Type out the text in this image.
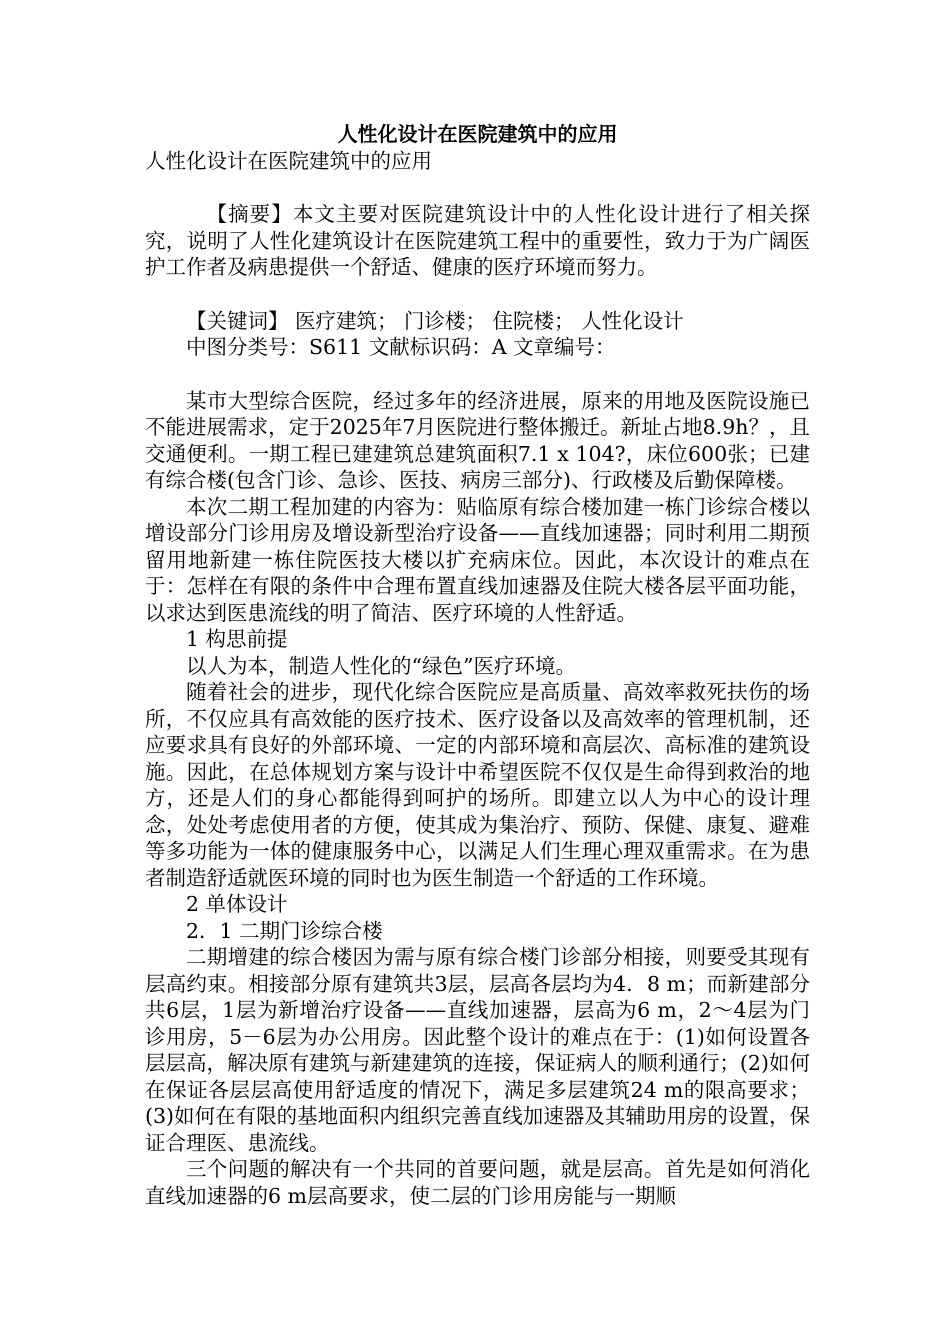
人性化设计在医院建筑中的应用
人性化设计在医院建筑中的应用

【摘要】本文主要对医院建筑设计中的人性化设计进行了相关探究，说明了人性化建筑设计在医院建筑工程中的重要性，致力于为广阔医护工作者及病患提供一个舒适、健康的医疗环境而努力。

【关键词】 医疗建筑； 门诊楼； 住院楼； 人性化设计

中图分类号：S611 文献标识码：A 文章编号：

某市大型综合医院，经过多年的经济进展，原来的用地及医院设施已不能进展需求，定于2025年7月医院进行整体搬迁。新址占地8.9h？，且交通便利。一期工程已建建筑总建筑面积7.1 x 104?，床位600张；已建有综合楼(包含门诊、急诊、医技、病房三部分)、行政楼及后勤保障楼。

本次二期工程加建的内容为：贴临原有综合楼加建一栋门诊综合楼以增设部分门诊用房及增设新型治疗设备——直线加速器；同时利用二期预留用地新建一栋住院医技大楼以扩充病床位。因此，本次设计的难点在于：怎样在有限的条件中合理布置直线加速器及住院大楼各层平面功能，以求达到医患流线的明了简洁、医疗环境的人性舒适。

1 构思前提

以人为本，制造人性化的“绿色”医疗环境。

随着社会的进步，现代化综合医院应是高质量、高效率救死扶伤的场所，不仅应具有高效能的医疗技术、医疗设备以及高效率的管理机制，还应要求具有良好的外部环境、一定的内部环境和高层次、高标准的建筑设施。因此，在总体规划方案与设计中希望医院不仅仅是生命得到救治的地方，还是人们的身心都能得到呵护的场所。即建立以人为中心的设计理念，处处考虑使用者的方便，使其成为集治疗、预防、保健、康复、避难等多功能为一体的健康服务中心，以满足人们生理心理双重需求。在为患者制造舒适就医环境的同时也为医生制造一个舒适的工作环境。

2 单体设计

2．1 二期门诊综合楼

二期增建的综合楼因为需与原有综合楼门诊部分相接，则要受其现有层高约束。相接部分原有建筑共3层，层高各层均为4．8 m；而新建部分共6层，1层为新增治疗设备——直线加速器，层高为6 m，2～4层为门诊用房，5－6层为办公用房。因此整个设计的难点在于：(1)如何设置各层层高，解决原有建筑与新建建筑的连接，保证病人的顺利通行；(2)如何在保证各层层高使用舒适度的情况下，满足多层建筑24 m的限高要求；(3)如何在有限的基地面积内组织完善直线加速器及其辅助用房的设置，保证合理医、患流线。

三个问题的解决有一个共同的首要问题，就是层高。首先是如何消化直线加速器的6 m层高要求，使二层的门诊用房能与一期顺
